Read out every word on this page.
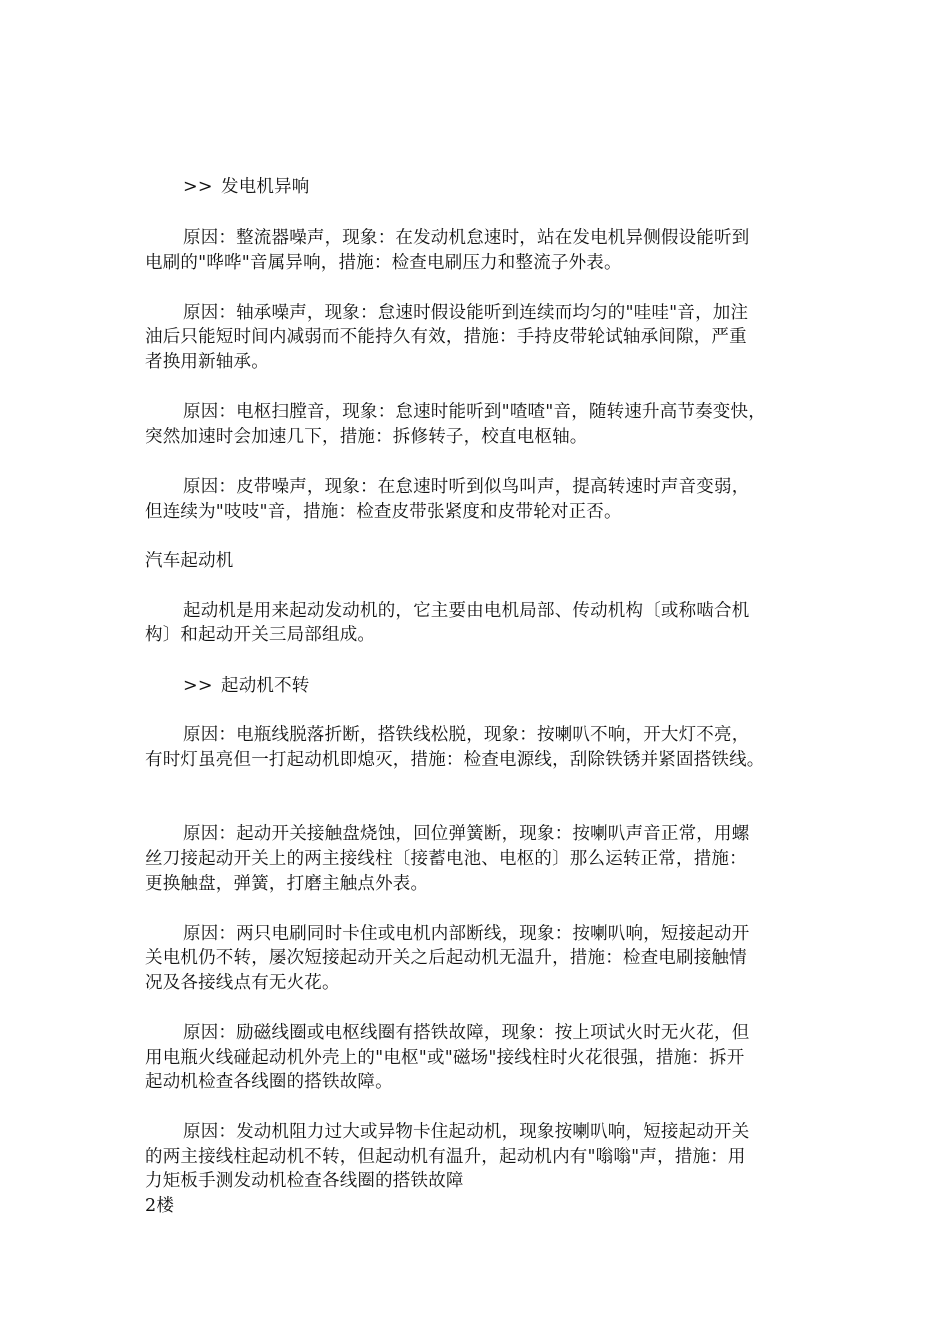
>> 发电机异响
原因：整流器噪声，现象：在发动机怠速时，站在发电机异侧假设能听到
电刷的"哗哗"音属异响，措施：检查电刷压力和整流子外表。
原因：轴承噪声，现象：怠速时假设能听到连续而均匀的"哇哇"音，加注
油后只能短时间内减弱而不能持久有效，措施：手持皮带轮试轴承间隙，严重
者换用新轴承。
原因：电枢扫膛音，现象：怠速时能听到"喳喳"音，随转速升高节奏变快，
突然加速时会加速几下，措施：拆修转子，校直电枢轴。
原因：皮带噪声，现象：在怠速时听到似鸟叫声，提高转速时声音变弱，
但连续为"吱吱"音，措施：检查皮带张紧度和皮带轮对正否。
汽车起动机
起动机是用来起动发动机的，它主要由电机局部、传动机构〔或称啮合机
构〕和起动开关三局部组成。
>> 起动机不转
原因：电瓶线脱落折断，搭铁线松脱，现象：按喇叭不响，开大灯不亮，
有时灯虽亮但一打起动机即熄灭，措施：检查电源线，刮除铁锈并紧固搭铁线。
原因：起动开关接触盘烧蚀，回位弹簧断，现象：按喇叭声音正常，用螺
丝刀接起动开关上的两主接线柱〔接蓄电池、电枢的〕那么运转正常，措施：
更换触盘，弹簧，打磨主触点外表。
原因：两只电刷同时卡住或电机内部断线，现象：按喇叭响，短接起动开
关电机仍不转，屡次短接起动开关之后起动机无温升，措施：检查电刷接触情
况及各接线点有无火花。
原因：励磁线圈或电枢线圈有搭铁故障，现象：按上项试火时无火花，但
用电瓶火线碰起动机外壳上的"电枢"或"磁场"接线柱时火花很强，措施：拆开
起动机检查各线圈的搭铁故障。
原因：发动机阻力过大或异物卡住起动机，现象按喇叭响，短接起动开关
的两主接线柱起动机不转，但起动机有温升，起动机内有"嗡嗡"声，措施：用
力矩板手测发动机检查各线圈的搭铁故障
2楼
